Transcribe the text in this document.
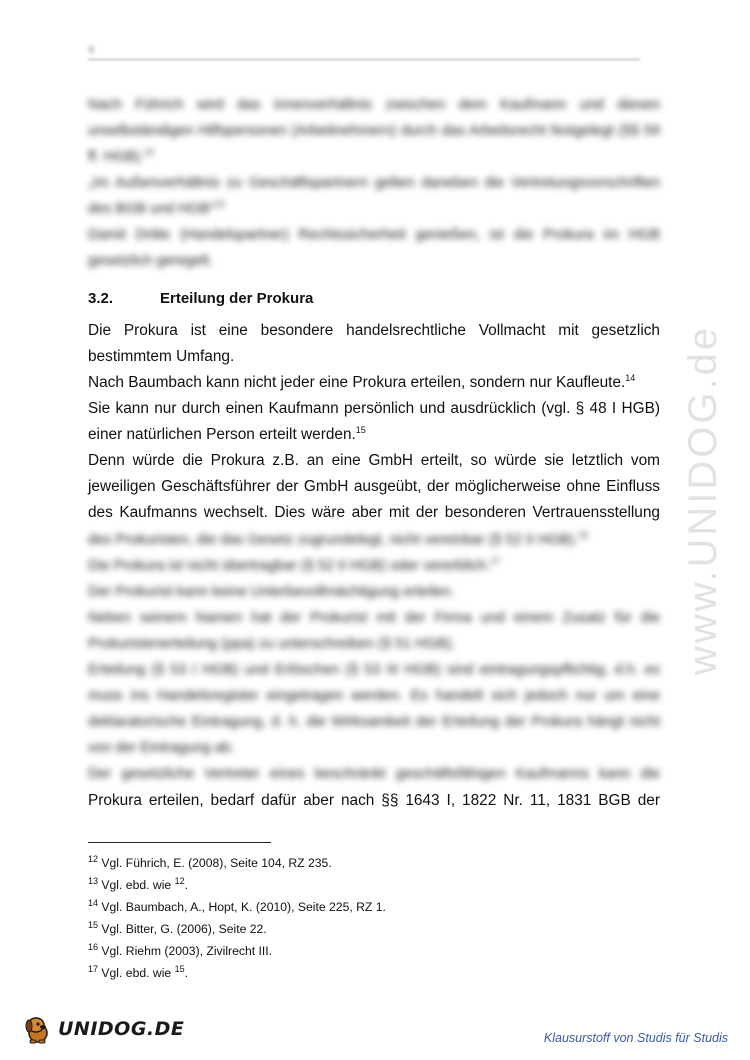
4

Nach Führich wird das Innenverhältnis zwischen dem Kaufmann und diesen unselbständigen Hilfspersonen (Arbeitnehmern) durch das Arbeitsrecht festgelegt (§§ 59 ff. HGB).$^{12}$

„Im Außenverhältnis zu Geschäftspartnern gelten daneben die Vertretungsvorschriften des BGB und HGB“$^{13}$

Damit Dritte (Handelspartner) Rechtssicherheit genießen, ist die Prokura im HGB gesetzlich geregelt.

3.2.	Erteilung der Prokura

Die Prokura ist eine besondere handelsrechtliche Vollmacht mit gesetzlich bestimmtem Umfang.

Nach Baumbach kann nicht jeder eine Prokura erteilen, sondern nur Kaufleute.$^{14}$

Sie kann nur durch einen Kaufmann persönlich und ausdrücklich (vgl. § 48 I HGB) einer natürlichen Person erteilt werden.$^{15}$

Denn würde die Prokura z.B. an eine GmbH erteilt, so würde sie letztlich vom jeweiligen Geschäftsführer der GmbH ausgeübt, der möglicherweise ohne Einfluss des Kaufmanns wechselt. Dies wäre aber mit der besonderen Vertrauensstellung

des Prokuristen, die das Gesetz zugrundelegt, nicht vereinbar (§ 52 II HGB).$^{16}$

Die Prokura ist nicht übertragbar (§ 52 II HGB) oder vererblich.$^{17}$

Der Prokurist kann keine Unterbevollmächtigung erteilen.

Neben seinem Namen hat der Prokurist mit der Firma und einem Zusatz für die Prokuristenerteilung (ppa) zu unterschreiben (§ 51 HGB).

Erteilung (§ 53 I HGB) und Erlöschen (§ 53 III HGB) sind eintragungspflichtig, d.h. es muss ins Handelsregister eingetragen werden. Es handelt sich jedoch nur um eine deklaratorische Eintragung, d. h. die Wirksamkeit der Erteilung der Prokura hängt nicht von der Eintragung ab.

Der gesetzliche Vertreter eines beschränkt geschäftsfähigen Kaufmanns kann die

Prokura erteilen, bedarf dafür aber nach §§ 1643 I, 1822 Nr. 11, 1831 BGB der

www.UNIDOG.de
$^{12}$ Vgl. Führich, E. (2008), Seite 104, RZ 235.
$^{13}$ Vgl. ebd. wie $^{12}$.
$^{14}$ Vgl. Baumbach, A., Hopt, K. (2010), Seite 225, RZ 1.
$^{15}$ Vgl. Bitter, G. (2006), Seite 22.
$^{16}$ Vgl. Riehm (2003), Zivilrecht III.
$^{17}$ Vgl. ebd. wie $^{15}$.
UNIDOG.DE	Klausurstoff von Studis für Studis
